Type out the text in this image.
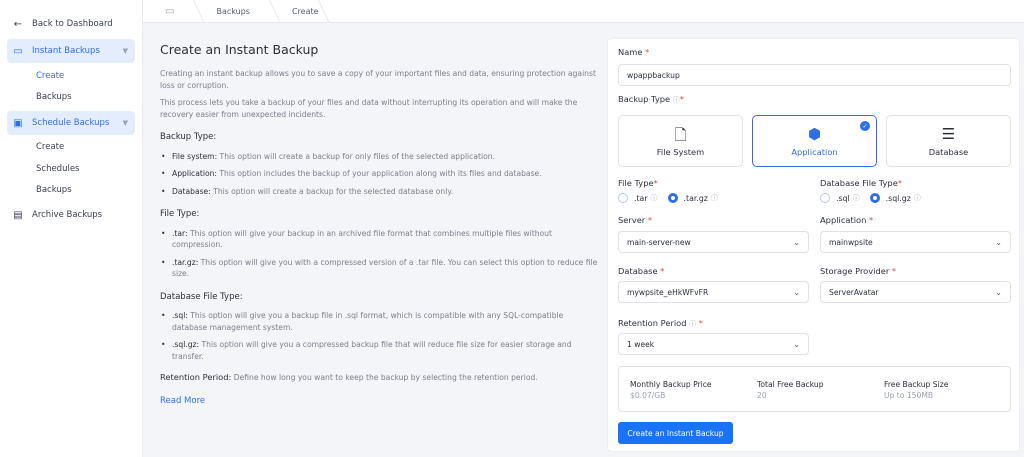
← Back to Dashboard
▭ Instant Backups	▼
Create
Backups
▣ Schedule Backups ▼
Create
Schedules
Backups
▤ Archive Backups
▭	Backups	Create
Create an Instant Backup

Creating an instant backup allows you to save a copy of your important files and data, ensuring protection against loss or corruption.

This process lets you take a backup of your files and data without interrupting its operation and will make the recovery easier from unexpected incidents.

Backup Type:
• File system: This option will create a backup for only files of the selected application.
• Application: This option includes the backup of your application along with its files and database.
• Database: This option will create a backup for the selected database only.
File Type:
• .tar: This option will give your backup in an archived file format that combines multiple files without compression.
• .tar.gz: This option will give you with a compressed version of a .tar file. You can select this option to reduce file size.
Database File Type:
• .sql: This option will give you a backup file in .sql format, which is compatible with any SQL-compatible database management system.
• .sql.gz: This option will give you a compressed backup file that will reduce file size for easier storage and transfer.

Retention Period: Define how long you want to keep the backup by selecting the retention period.

Read More
Name *
wpappbackup
Backup Type ⓘ*
🗋
File System
✓
⬢
Application
☰
Database
File Type*
.tar ⓘ	.tar.gz ⓘ
Database File Type*
.sql ⓘ	.sql.gz ⓘ
Server *
main-server-new	⌄
Application *
mainwpsite	⌄
Database *
mywpsite_eHkWFvFR	⌄
Storage Provider *
ServerAvatar	⌄
Retention Period ⓘ *
1 week	⌄
Monthly Backup Price
$0.07/GB
Total Free Backup
20
Free Backup Size
Up to 150MB
Create an Instant Backup
